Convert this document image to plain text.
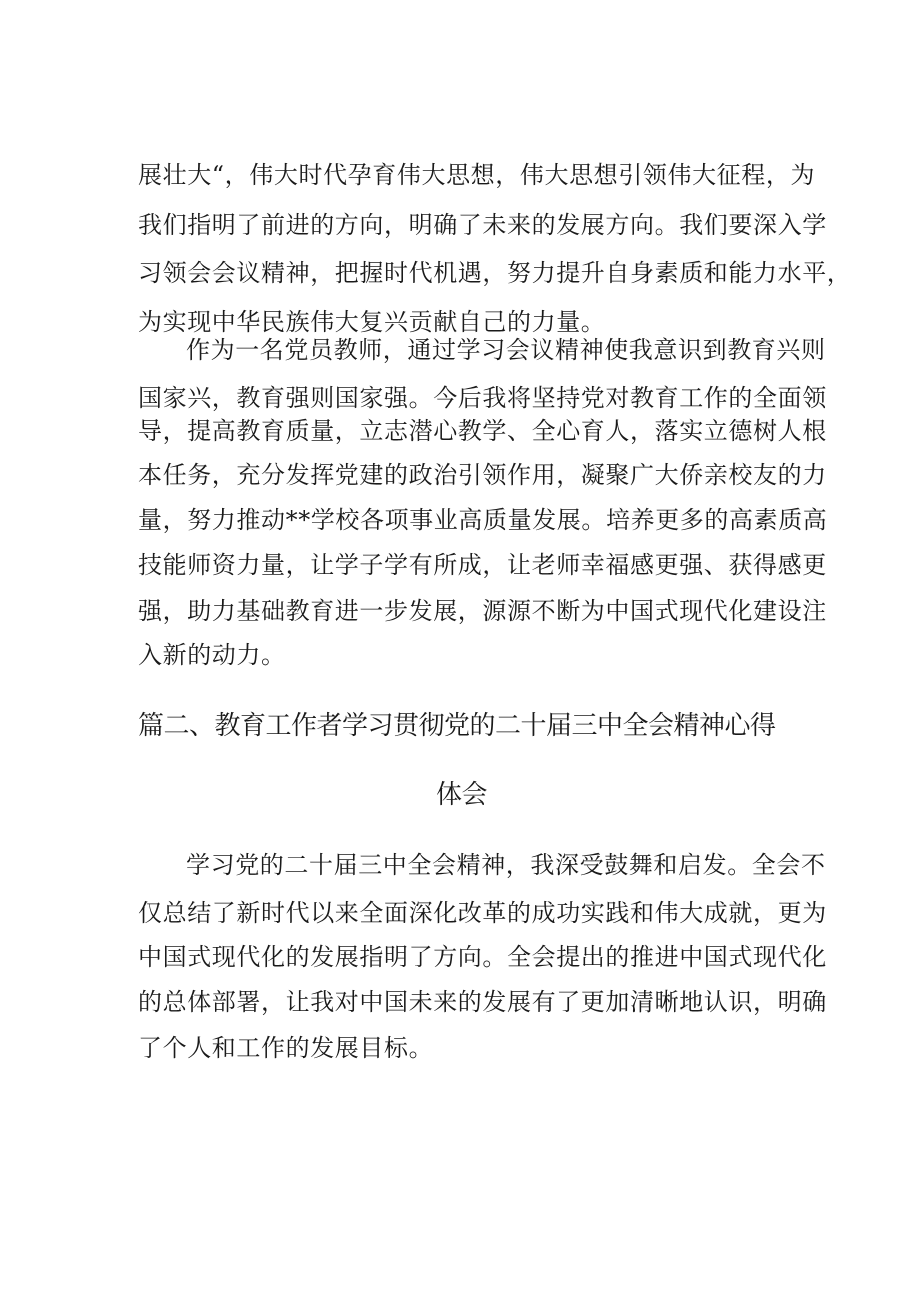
展壮大“，伟大时代孕育伟大思想，伟大思想引领伟大征程，为
我们指明了前进的方向，明确了未来的发展方向。我们要深入学
习领会会议精神，把握时代机遇，努力提升自身素质和能力水平，
为实现中华民族伟大复兴贡献自己的力量。
作为一名党员教师，通过学习会议精神使我意识到教育兴则
国家兴，教育强则国家强。今后我将坚持党对教育工作的全面领
导，提高教育质量，立志潜心教学、全心育人，落实立德树人根
本任务，充分发挥党建的政治引领作用，凝聚广大侨亲校友的力
量，努力推动**学校各项事业高质量发展。培养更多的高素质高
技能师资力量，让学子学有所成，让老师幸福感更强、获得感更
强，助力基础教育进一步发展，源源不断为中国式现代化建设注
入新的动力。
篇二、教育工作者学习贯彻党的二十届三中全会精神心得
体会
学习党的二十届三中全会精神，我深受鼓舞和启发。全会不
仅总结了新时代以来全面深化改革的成功实践和伟大成就，更为
中国式现代化的发展指明了方向。全会提出的推进中国式现代化
的总体部署，让我对中国未来的发展有了更加清晰地认识，明确
了个人和工作的发展目标。
